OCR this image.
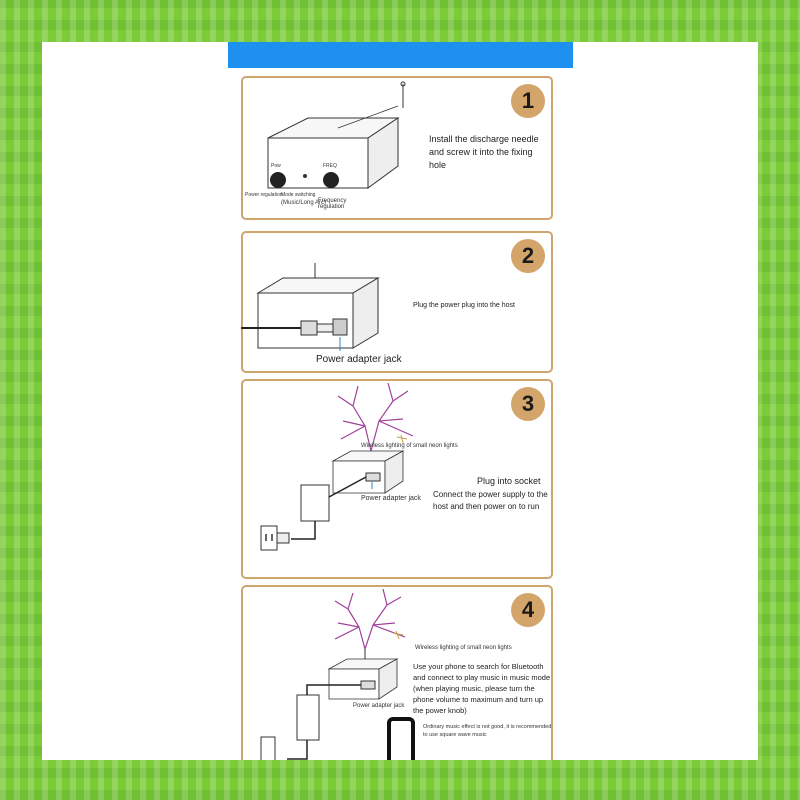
Pow	FREQ
Power regulation
Mode switching
(Music/Long Arc)
Frequency regulation
Install the discharge needle and screw it into the fixing hole
1
Power adapter jack
Plug the power plug into the host
2
Wireless lighting of small neon lights
Power adapter jack
Plug into socket
Connect the power supply to the host and then power on to run
3
Wireless lighting of small neon lights
Power adapter jack
Use your phone to search for Bluetooth and connect to play music in music mode (when playing music, please turn the phone volume to maximum and turn up the power knob)
Ordinary music effect is not good, it is recommended to use square wave music
4
